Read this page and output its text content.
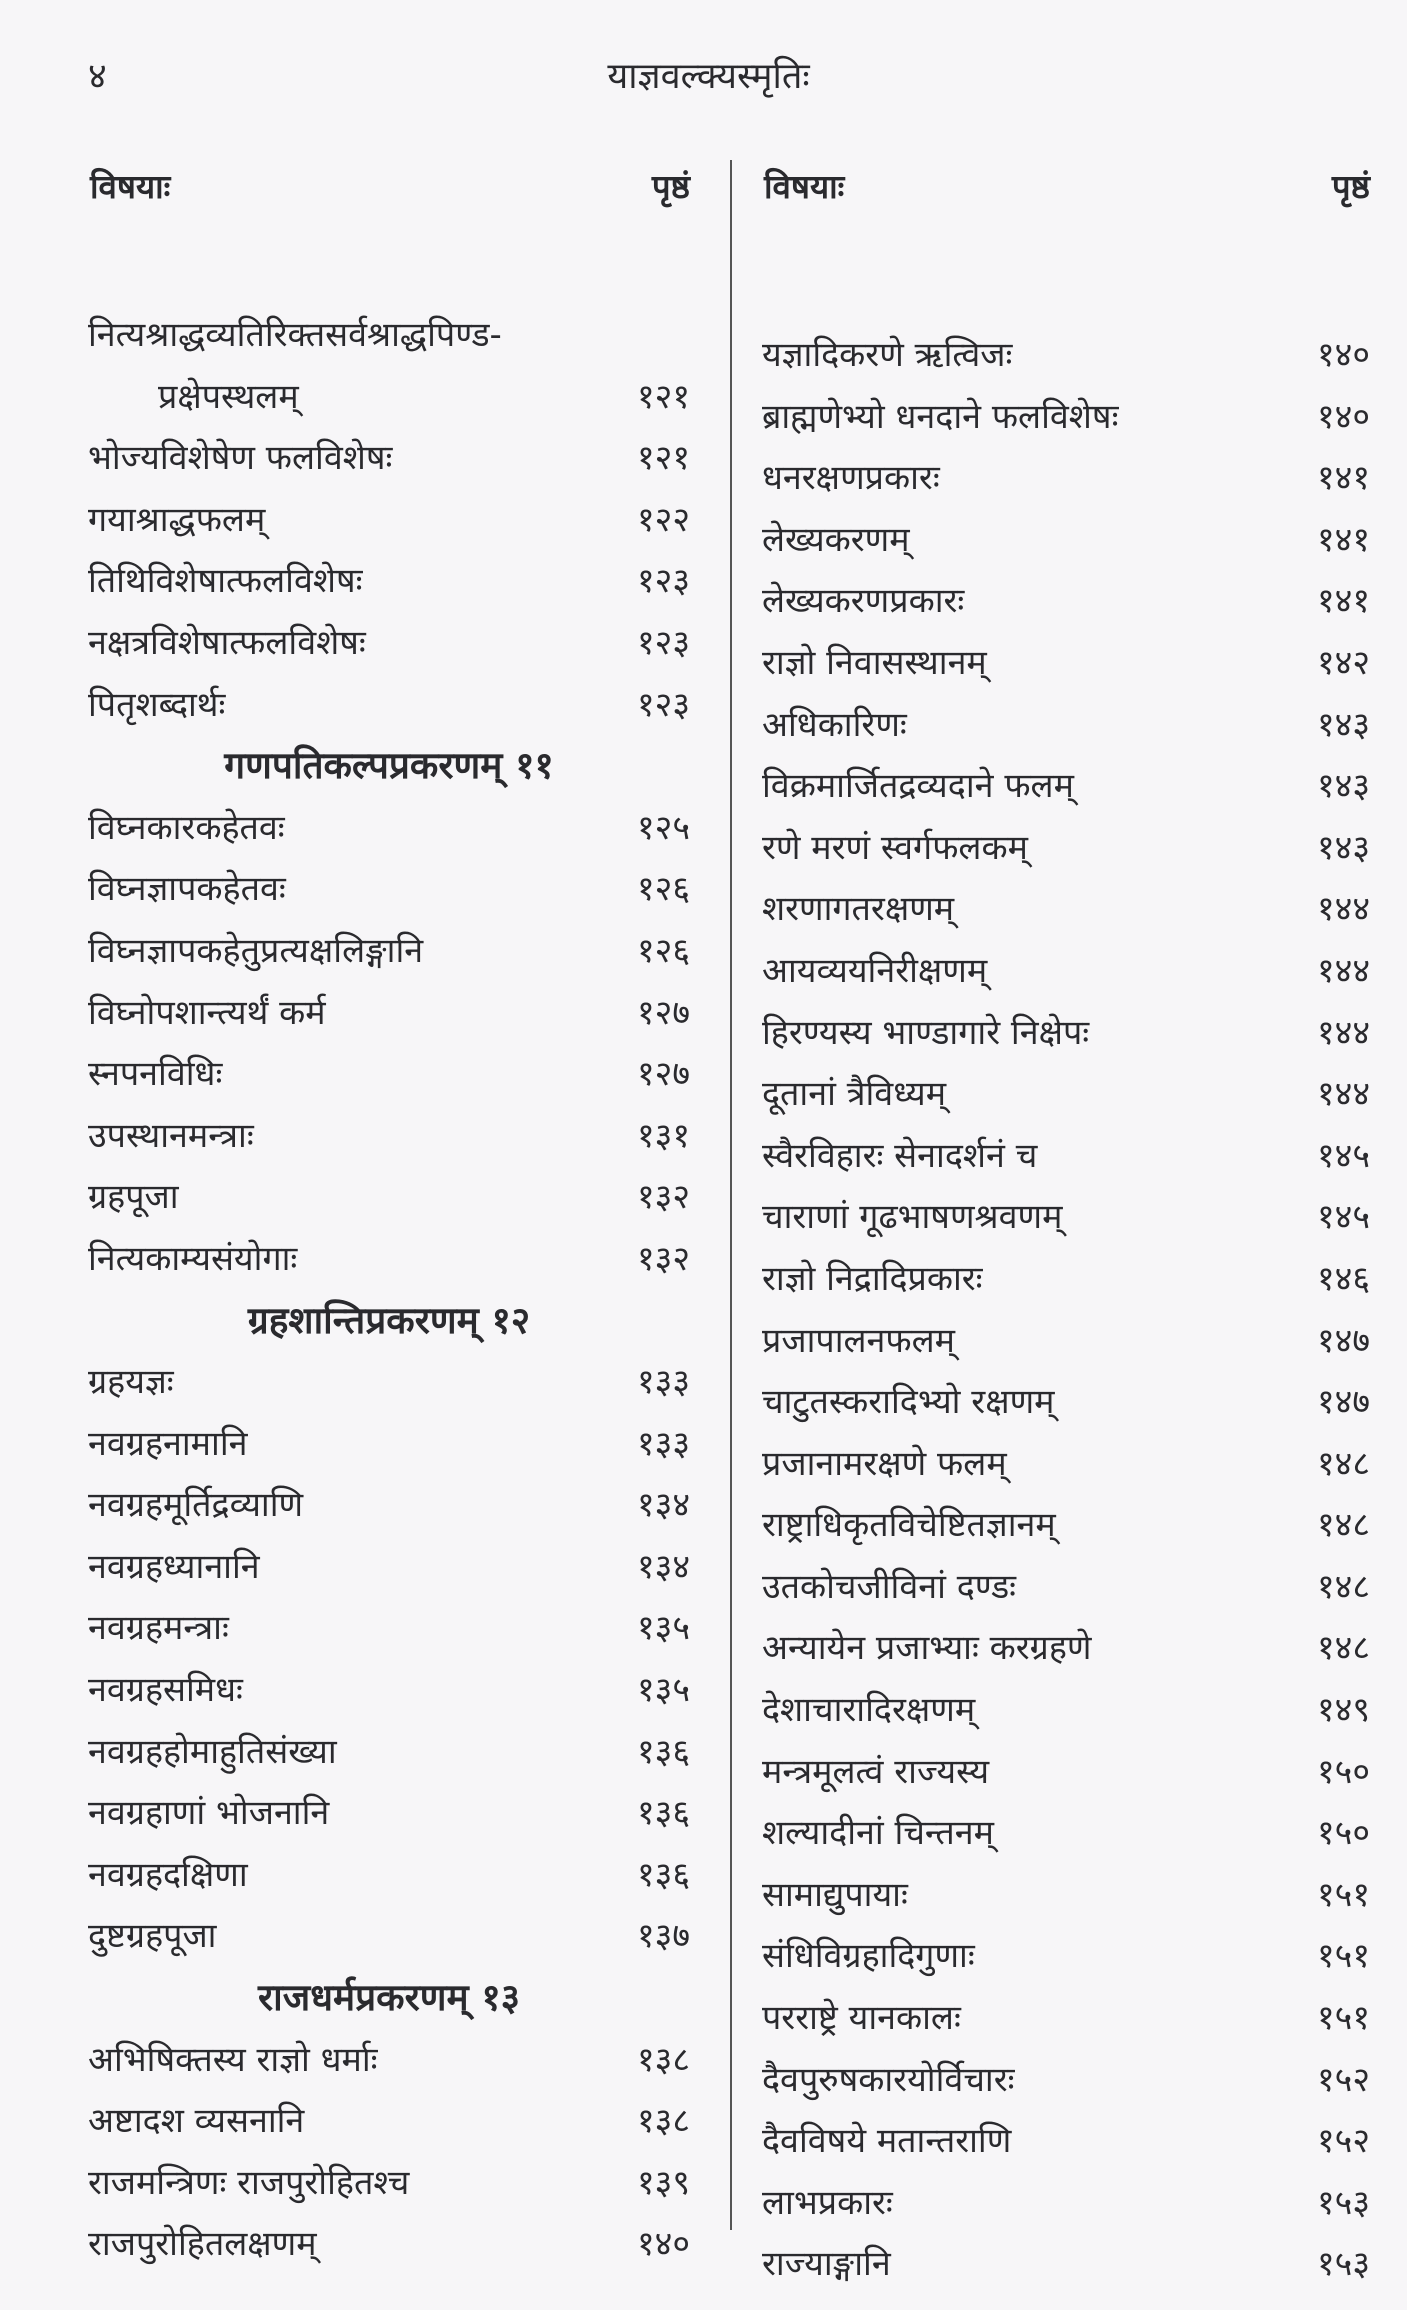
४	याज्ञवल्क्यस्मृतिः
विषयाः	पृष्ठं
नित्यश्राद्धव्यतिरिक्तसर्वश्राद्धपिण्ड-
प्रक्षेपस्थलम्	१२१
भोज्यविशेषेण फलविशेषः	१२१
गयाश्राद्धफलम्	१२२
तिथिविशेषात्फलविशेषः	१२३
नक्षत्रविशेषात्फलविशेषः	१२३
पितृशब्दार्थः	१२३
गणपतिकल्पप्रकरणम् ११
विघ्नकारकहेतवः	१२५
विघ्नज्ञापकहेतवः	१२६
विघ्नज्ञापकहेतुप्रत्यक्षलिङ्गानि	१२६
विघ्नोपशान्त्यर्थं कर्म	१२७
स्नपनविधिः	१२७
उपस्थानमन्त्राः	१३१
ग्रहपूजा	१३२
नित्यकाम्यसंयोगाः	१३२
ग्रहशान्तिप्रकरणम् १२
ग्रहयज्ञः	१३३
नवग्रहनामानि	१३३
नवग्रहमूर्तिद्रव्याणि	१३४
नवग्रहध्यानानि	१३४
नवग्रहमन्त्राः	१३५
नवग्रहसमिधः	१३५
नवग्रहहोमाहुतिसंख्या	१३६
नवग्रहाणां भोजनानि	१३६
नवग्रहदक्षिणा	१३६
दुष्टग्रहपूजा	१३७
राजधर्मप्रकरणम् १३
अभिषिक्तस्य राज्ञो धर्माः	१३८
अष्टादश व्यसनानि	१३८
राजमन्त्रिणः राजपुरोहितश्च	१३९
राजपुरोहितलक्षणम्	१४०
विषयाः	पृष्ठं
यज्ञादिकरणे ऋत्विजः	१४०
ब्राह्मणेभ्यो धनदाने फलविशेषः	१४०
धनरक्षणप्रकारः	१४१
लेख्यकरणम्	१४१
लेख्यकरणप्रकारः	१४१
राज्ञो निवासस्थानम्	१४२
अधिकारिणः	१४३
विक्रमार्जितद्रव्यदाने फलम्	१४३
रणे मरणं स्वर्गफलकम्	१४३
शरणागतरक्षणम्	१४४
आयव्ययनिरीक्षणम्	१४४
हिरण्यस्य भाण्डागारे निक्षेपः	१४४
दूतानां त्रैविध्यम्	१४४
स्वैरविहारः सेनादर्शनं च	१४५
चाराणां गूढभाषणश्रवणम्	१४५
राज्ञो निद्रादिप्रकारः	१४६
प्रजापालनफलम्	१४७
चाटुतस्करादिभ्यो रक्षणम्	१४७
प्रजानामरक्षणे फलम्	१४८
राष्ट्राधिकृतविचेष्टितज्ञानम्	१४८
उतकोचजीविनां दण्डः	१४८
अन्यायेन प्रजाभ्याः करग्रहणे	१४८
देशाचारादिरक्षणम्	१४९
मन्त्रमूलत्वं राज्यस्य	१५०
शल्यादीनां चिन्तनम्	१५०
सामाद्युपायाः	१५१
संधिविग्रहादिगुणाः	१५१
परराष्ट्रे यानकालः	१५१
दैवपुरुषकारयोर्विचारः	१५२
दैवविषये मतान्तराणि	१५२
लाभप्रकारः	१५३
राज्याङ्गानि	१५३
